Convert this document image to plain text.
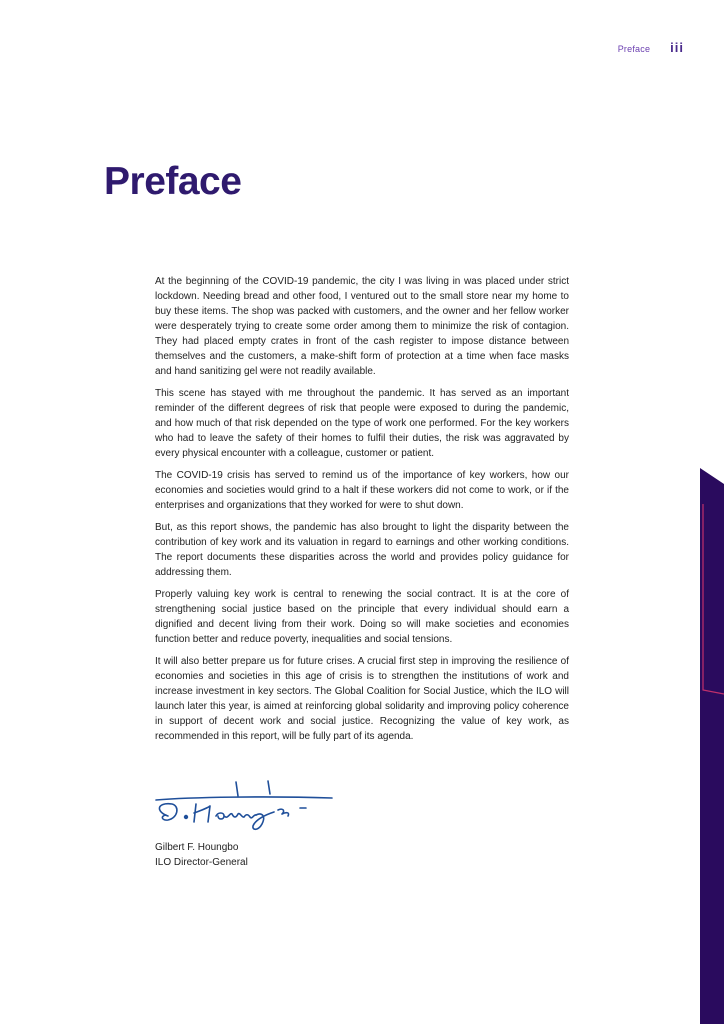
Preface iii
Preface

At the beginning of the COVID-19 pandemic, the city I was living in was placed under strict lockdown. Needing bread and other food, I ventured out to the small store near my home to buy these items. The shop was packed with customers, and the owner and her fellow worker were desperately trying to create some order among them to minimize the risk of contagion. They had placed empty crates in front of the cash register to impose distance between themselves and the customers, a make-shift form of protection at a time when face masks and hand sanitizing gel were not readily available.

This scene has stayed with me throughout the pandemic. It has served as an important reminder of the different degrees of risk that people were exposed to during the pandemic, and how much of that risk depended on the type of work one performed. For the key workers who had to leave the safety of their homes to fulfil their duties, the risk was aggravated by every physical encounter with a colleague, customer or patient.

The COVID-19 crisis has served to remind us of the importance of key workers, how our economies and societies would grind to a halt if these workers did not come to work, or if the enterprises and organizations that they worked for were to shut down.

But, as this report shows, the pandemic has also brought to light the disparity between the contribution of key work and its valuation in regard to earnings and other working conditions. The report documents these disparities across the world and provides policy guidance for addressing them.

Properly valuing key work is central to renewing the social contract. It is at the core of strengthening social justice based on the principle that every individual should earn a dignified and decent living from their work. Doing so will make societies and economies function better and reduce poverty, inequalities and social tensions.

It will also better prepare us for future crises. A crucial first step in improving the resilience of economies and societies in this age of crisis is to strengthen the institutions of work and increase investment in key sectors. The Global Coalition for Social Justice, which the ILO will launch later this year, is aimed at reinforcing global solidarity and improving policy coherence in support of decent work and social justice. Recognizing the value of key work, as recommended in this report, will be fully part of its agenda.

Gilbert F. Houngbo
ILO Director-General
